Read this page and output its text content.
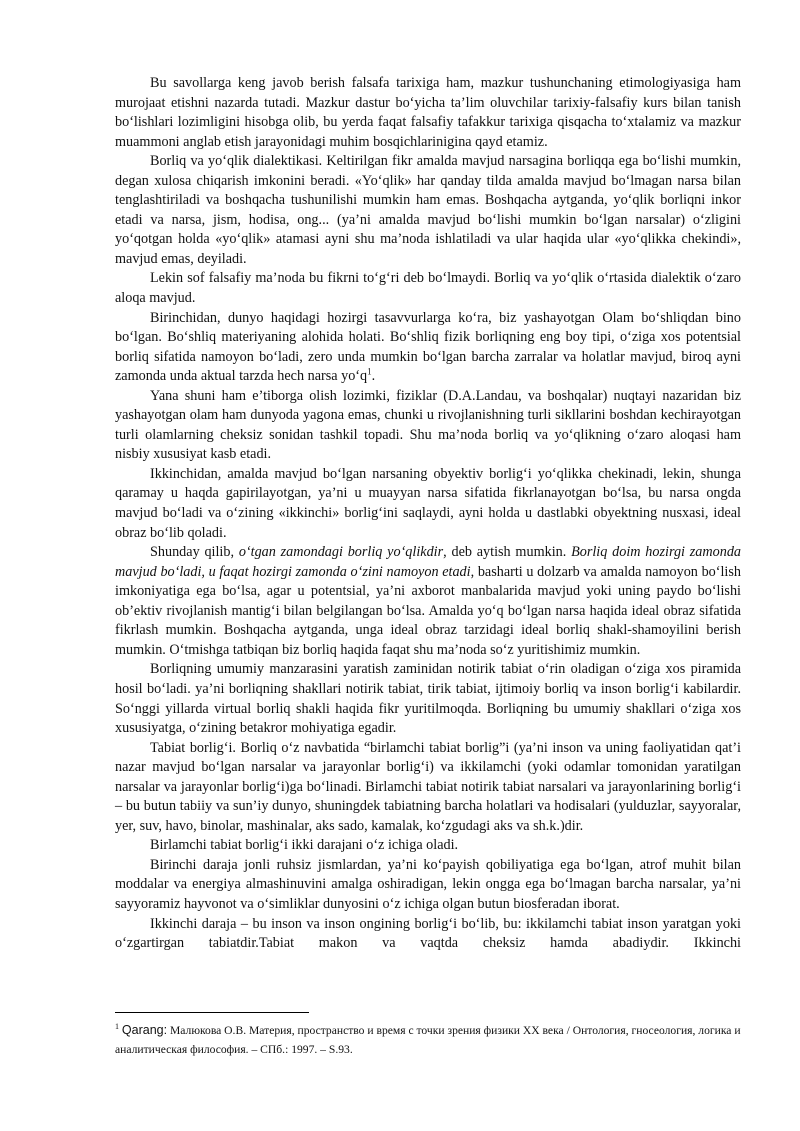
Bu savollarga keng javob berish falsafa tarixiga ham, mazkur tushunchaning etimologiyasiga ham murojaat etishni nazarda tutadi. Mazkur dastur bo‘yicha ta’lim oluvchilar tarixiy-falsafiy kurs bilan tanish bo‘lishlari lozimligini hisobga olib, bu yerda faqat falsafiy tafakkur tarixiga qisqacha to‘xtalamiz va mazkur muammoni anglab etish jarayonidagi muhim bosqichlarinigina qayd etamiz.

Borliq va yo‘qlik dialektikasi. Keltirilgan fikr amalda mavjud narsagina borliqqa ega bo‘lishi mumkin, degan xulosa chiqarish imkonini beradi. «Yo‘qlik» har qanday tilda amalda mavjud bo‘lmagan narsa bilan tenglashtiriladi va boshqacha tushunilishi mumkin ham emas. Boshqacha aytganda, yo‘qlik borliqni inkor etadi va narsa, jism, hodisa, ong... (ya’ni amalda mavjud bo‘lishi mumkin bo‘lgan narsalar) o‘zligini yo‘qotgan holda «yo‘qlik» atamasi ayni shu ma’noda ishlatiladi va ular haqida ular «yo‘qlikka chekindi», mavjud emas, deyiladi.

Lekin sof falsafiy ma’noda bu fikrni to‘g‘ri deb bo‘lmaydi. Borliq va yo‘qlik o‘rtasida dialektik o‘zaro aloqa mavjud.

Birinchidan, dunyo haqidagi hozirgi tasavvurlarga ko‘ra, biz yashayotgan Olam bo‘shliqdan bino bo‘lgan. Bo‘shliq materiyaning alohida holati. Bo‘shliq fizik borliqning eng boy tipi, o‘ziga xos potentsial borliq sifatida namoyon bo‘ladi, zero unda mumkin bo‘lgan barcha zarralar va holatlar mavjud, biroq ayni zamonda unda aktual tarzda hech narsa $yo‘q^1$.

Yana shuni ham e’tiborga olish lozimki, fiziklar (D.A.Landau, va boshqalar) nuqtayi nazaridan biz yashayotgan olam ham dunyoda yagona emas, chunki u rivojlanishning turli sikllarini boshdan kechirayotgan turli olamlarning cheksiz sonidan tashkil topadi. Shu ma’noda borliq va yo‘qlikning o‘zaro aloqasi ham nisbiy xususiyat kasb etadi.

Ikkinchidan, amalda mavjud bo‘lgan narsaning obyektiv borlig‘i yo‘qlikka chekinadi, lekin, shunga qaramay u haqda gapirilayotgan, ya’ni u muayyan narsa sifatida fikrlanayotgan bo‘lsa, bu narsa ongda mavjud bo‘ladi va o‘zining «ikkinchi» borlig‘ini saqlaydi, ayni holda u dastlabki obyektning nusxasi, ideal obraz bo‘lib qoladi.

Shunday qilib, o‘tgan zamondagi borliq yo‘qlikdir, deb aytish mumkin. Borliq doim hozirgi zamonda mavjud bo‘ladi, u faqat hozirgi zamonda o‘zini namoyon etadi, basharti u dolzarb va amalda namoyon bo‘lish imkoniyatiga ega bo‘lsa, agar u potentsial, ya’ni axborot manbalarida mavjud yoki uning paydo bo‘lishi ob’ektiv rivojlanish mantig‘i bilan belgilangan bo‘lsa. Amalda yo‘q bo‘lgan narsa haqida ideal obraz sifatida fikrlash mumkin. Boshqacha aytganda, unga ideal obraz tarzidagi ideal borliq shakl-shamoyilini berish mumkin. O‘tmishga tatbiqan biz borliq haqida faqat shu ma’noda so‘z yuritishimiz mumkin.

Borliqning umumiy manzarasini yaratish zaminidan notirik tabiat o‘rin oladigan o‘ziga xos piramida hosil bo‘ladi. ya’ni borliqning shakllari notirik tabiat, tirik tabiat, ijtimoiy borliq va inson borlig‘i kabilardir. So‘nggi yillarda virtual borliq shakli haqida fikr yuritilmoqda. Borliqning bu umumiy shakllari o‘ziga xos xususiyatga, o‘zining betakror mohiyatiga egadir.

Tabiat borlig‘i. Borliq o‘z navbatida “birlamchi tabiat borlig”i (ya’ni inson va uning faoliyatidan qat’i nazar mavjud bo‘lgan narsalar va jarayonlar borlig‘i) va ikkilamchi (yoki odamlar tomonidan yaratilgan narsalar va jarayonlar borlig‘i)ga bo‘linadi. Birlamchi tabiat notirik tabiat narsalari va jarayonlarining borlig‘i – bu butun tabiiy va sun’iy dunyo, shuningdek tabiatning barcha holatlari va hodisalari (yulduzlar, sayyoralar, yer, suv, havo, binolar, mashinalar, aks sado, kamalak, ko‘zgudagi aks va sh.k.)dir.

Birlamchi tabiat borlig‘i ikki darajani o‘z ichiga oladi.

Birinchi daraja jonli ruhsiz jismlardan, ya’ni ko‘payish qobiliyatiga ega bo‘lgan, atrof muhit bilan moddalar va energiya almashinuvini amalga oshiradigan, lekin ongga ega bo‘lmagan barcha narsalar, ya’ni sayyoramiz hayvonot va o‘simliklar dunyosini o‘z ichiga olgan butun biosferadan iborat.

Ikkinchi daraja – bu inson va inson ongining borlig‘i bo‘lib, bu: ikkilamchi tabiat inson yaratgan yoki o‘zgartirgan tabiatdir.Tabiat makon va vaqtda cheksiz hamda abadiydir. Ikkinchi

$^1$ Qarang: Малюкова О.В. Материя, пространство и время с точки зрения физики XX века / Онтология, гносеология, логика и аналитическая философия. – СПб.: 1997. – S.93.
